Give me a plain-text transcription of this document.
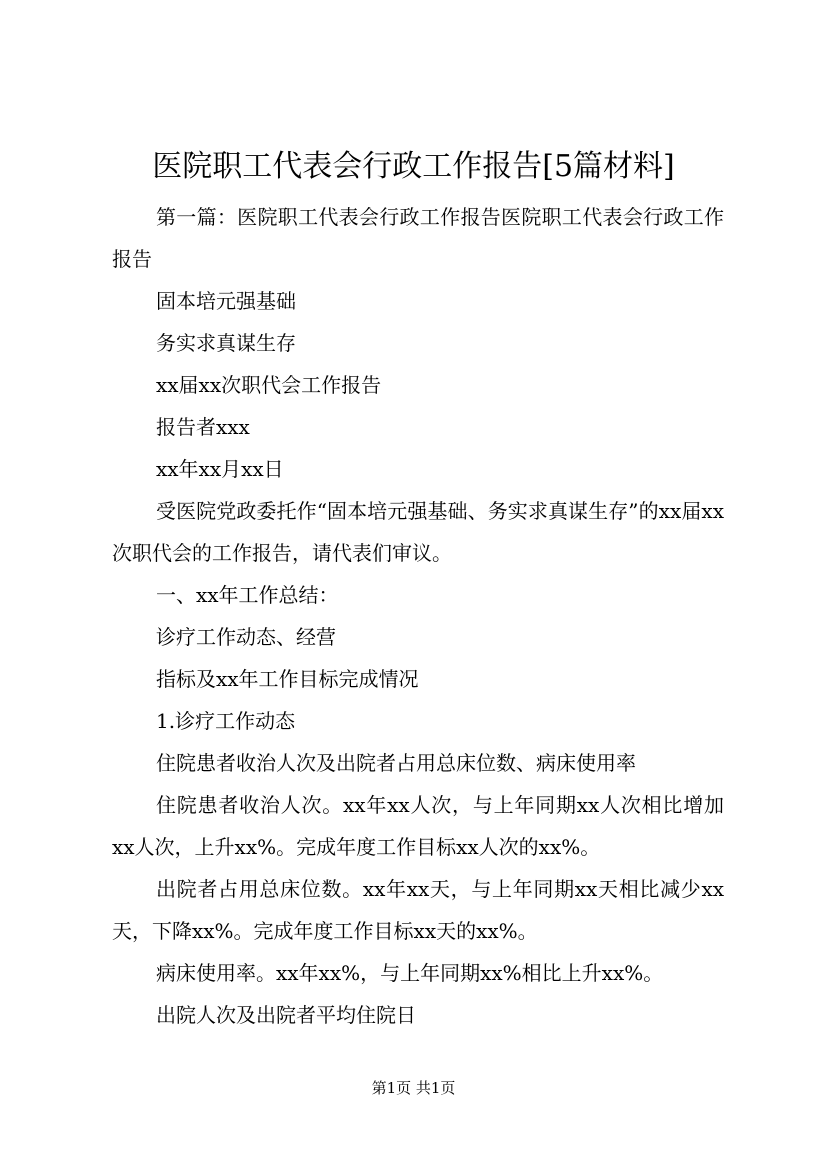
医院职工代表会行政工作报告[5篇材料]

第一篇：医院职工代表会行政工作报告医院职工代表会行政工作报告

固本培元强基础

务实求真谋生存

xx届xx次职代会工作报告

报告者xxx

xx年xx月xx日

受医院党政委托作“固本培元强基础、务实求真谋生存”的xx届xx次职代会的工作报告，请代表们审议。

一、xx年工作总结：

诊疗工作动态、经营

指标及xx年工作目标完成情况

1.诊疗工作动态

住院患者收治人次及出院者占用总床位数、病床使用率

住院患者收治人次。xx年xx人次，与上年同期xx人次相比增加xx人次，上升xx%。完成年度工作目标xx人次的xx%。

出院者占用总床位数。xx年xx天，与上年同期xx天相比减少xx天，下降xx%。完成年度工作目标xx天的xx%。

病床使用率。xx年xx%，与上年同期xx%相比上升xx%。

出院人次及出院者平均住院日

第1页 共1页
